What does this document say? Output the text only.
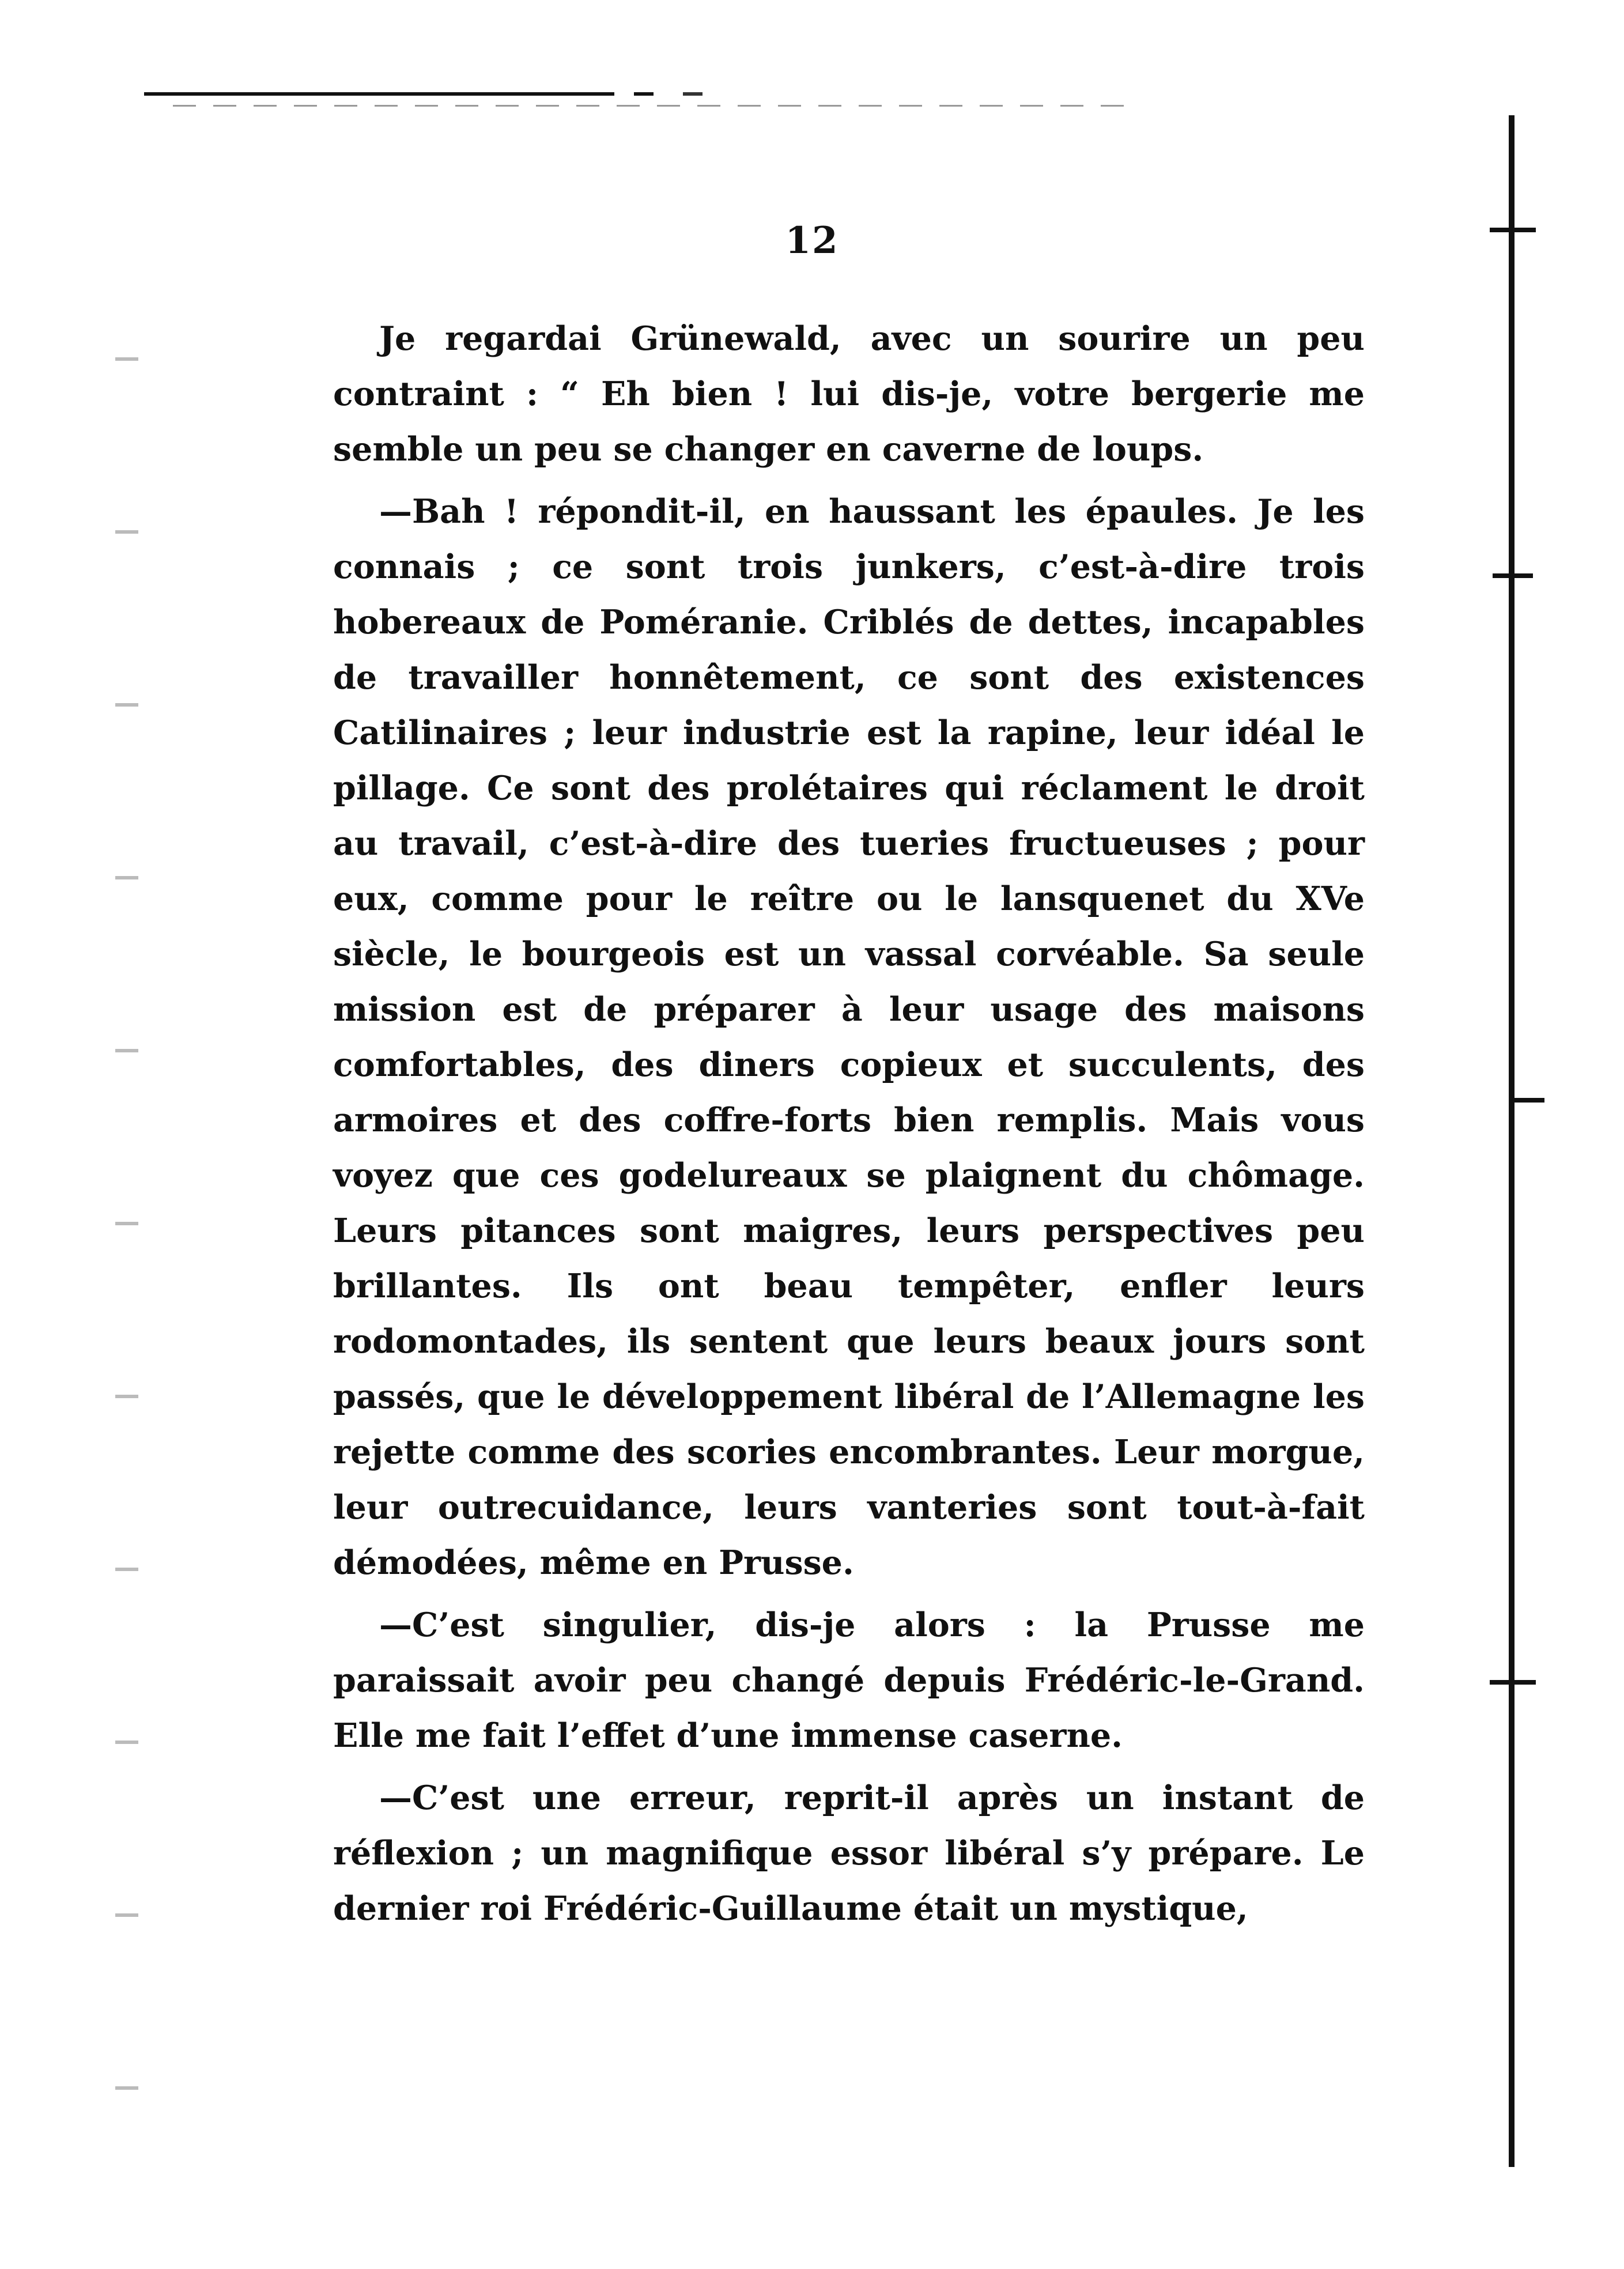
12

Je regardai Grünewald, avec un sourire un peu contraint : “ Eh bien ! lui dis-je, votre bergerie me semble un peu se changer en caverne de loups.

—Bah ! répondit-il, en haussant les épaules. Je les connais ; ce sont trois junkers, c’est-à-dire trois hobereaux de Poméranie. Criblés de dettes, incapables de travailler honnêtement, ce sont des existences Catilinaires ; leur industrie est la rapine, leur idéal le pillage. Ce sont des prolétaires qui réclament le droit au travail, c’est-à-dire des tueries fructueuses ; pour eux, comme pour le reître ou le lansquenet du XVe siècle, le bourgeois est un vassal corvéable. Sa seule mission est de préparer à leur usage des maisons comfortables, des diners copieux et succulents, des armoires et des coffre-forts bien remplis. Mais vous voyez que ces godelureaux se plaignent du chômage. Leurs pitances sont maigres, leurs perspectives peu brillantes. Ils ont beau tempêter, enfler leurs rodomontades, ils sentent que leurs beaux jours sont passés, que le développement libéral de l’Allemagne les rejette comme des scories encombrantes. Leur morgue, leur outrecuidance, leurs vanteries sont tout-à-fait démodées, même en Prusse.

—C’est singulier, dis-je alors : la Prusse me paraissait avoir peu changé depuis Frédéric-le-Grand. Elle me fait l’effet d’une immense caserne.

—C’est une erreur, reprit-il après un instant de réflexion ; un magnifique essor libéral s’y prépare. Le dernier roi Frédéric-Guillaume était un mystique,
